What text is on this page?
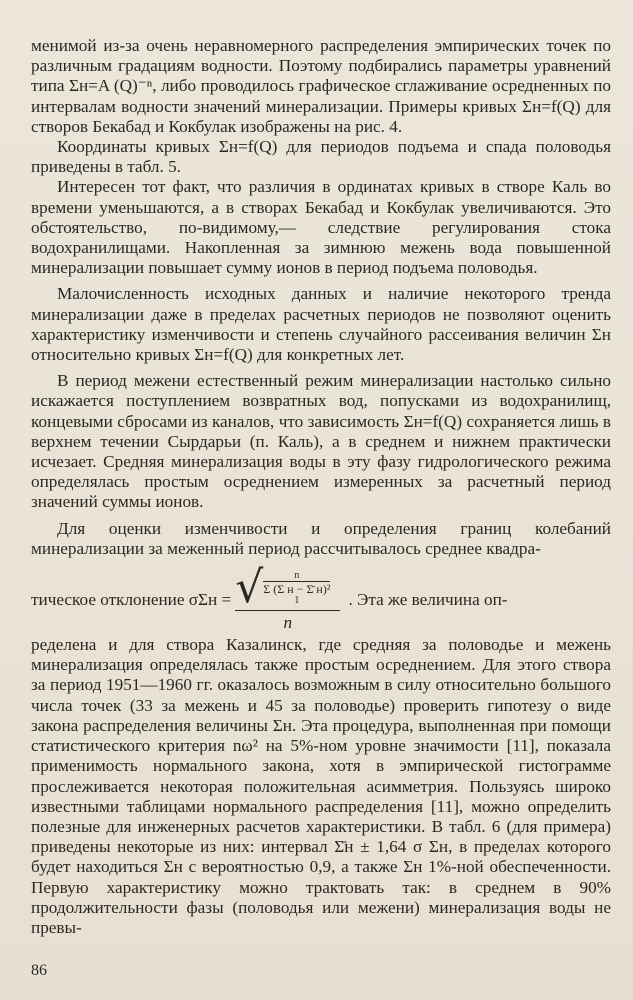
менимой из-за очень неравномерного распределения эмпирических точек по различным градациям водности. Поэтому подбирались параметры уравнений типа Σн=A (Q)⁻ⁿ, либо проводилось графическое сглаживание осредненных по интервалам водности значений минерализации. Примеры кривых Σн=f(Q) для створов Бекабад и Кокбулак изображены на рис. 4.

Координаты кривых Σн=f(Q) для периодов подъема и спада половодья приведены в табл. 5.

Интересен тот факт, что различия в ординатах кривых в створе Каль во времени уменьшаются, а в створах Бекабад и Кокбулак увеличиваются. Это обстоятельство, по-видимому,— следствие регулирования стока водохранилищами. Накопленная за зимнюю межень вода повышенной минерализации повышает сумму ионов в период подъема половодья.

Малочисленность исходных данных и наличие некоторого тренда минерализации даже в пределах расчетных периодов не позволяют оценить характеристику изменчивости и степень случайного рассеивания величин Σн относительно кривых Σн=f(Q) для конкретных лет.

В период межени естественный режим минерализации настолько сильно искажается поступлением возвратных вод, попусками из водохранилищ, концевыми сбросами из каналов, что зависимость Σн=f(Q) сохраняется лишь в верхнем течении Сырдарьи (п. Каль), а в среднем и нижнем практически исчезает. Средняя минерализация воды в эту фазу гидрологического режима определялась простым осреднением измеренных за расчетный период значений суммы ионов.

Для оценки изменчивости и определения границ колебаний минерализации за меженный период рассчитывалось среднее квадра-

тическое отклонение σΣн = √	n
Σ (Σ н − Σ̄ н)²
1
n
. Эта же величина оп-

ределена и для створа Казалинск, где средняя за половодье и межень минерализация определялась также простым осреднением. Для этого створа за период 1951—1960 гг. оказалось возможным в силу относительно большого числа точек (33 за межень и 45 за половодье) проверить гипотезу о виде закона распределения величины Σн. Эта процедура, выполненная при помощи статистического критерия nω² на 5%-ном уровне значимости [11], показала применимость нормального закона, хотя в эмпирической гистограмме прослеживается некоторая положительная асимметрия. Пользуясь широко известными таблицами нормального распределения [11], можно определить полезные для инженерных расчетов характеристики. В табл. 6 (для примера) приведены некоторые из них: интервал Σ̄н ± 1,64 σ Σн, в пределах которого будет находиться Σн с вероятностью 0,9, а также Σн 1%-ной обеспеченности. Первую характеристику можно трактовать так: в среднем в 90% продолжительности фазы (половодья или межени) минерализация воды не превы-

86
